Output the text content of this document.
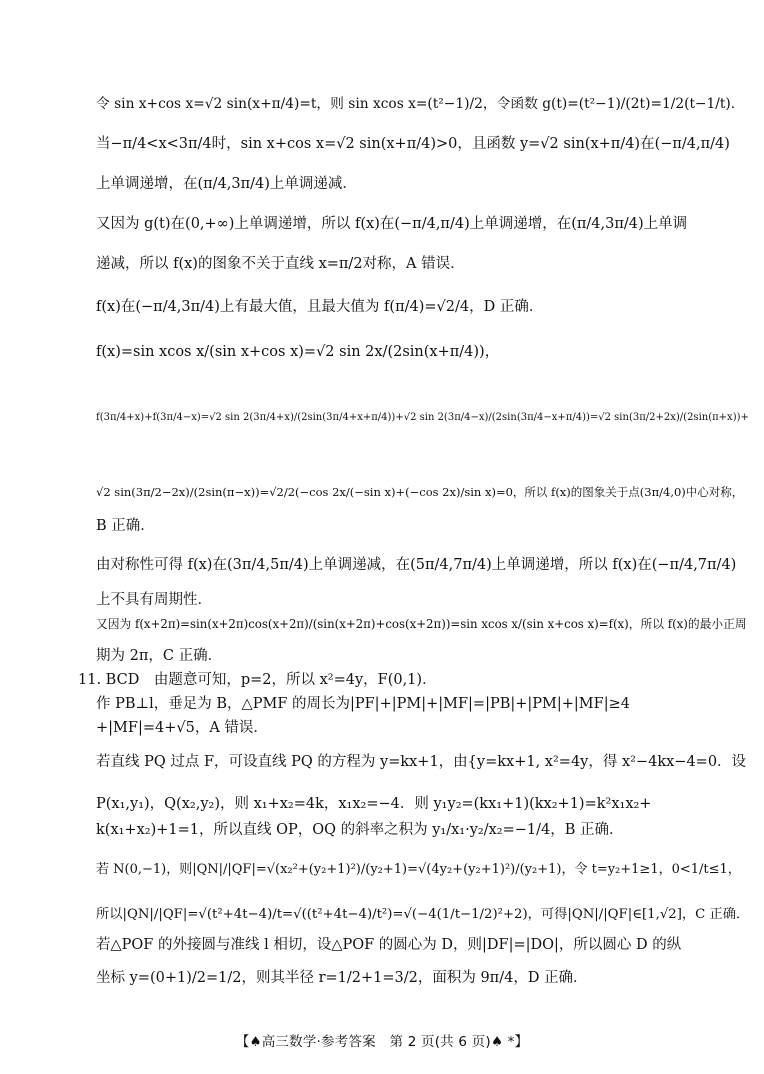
令 sin x+cos x=√2 sin(x+π/4)=t，则 sin xcos x=(t²−1)/2，令函数 g(t)=(t²−1)/(2t)=1/2(t−1/t)．
当−π/4<x<3π/4时，sin x+cos x=√2 sin(x+π/4)>0，且函数 y=√2 sin(x+π/4)在(−π/4,π/4)
上单调递增，在(π/4,3π/4)上单调递减．
又因为 g(t)在(0,+∞)上单调递增，所以 f(x)在(−π/4,π/4)上单调递增，在(π/4,3π/4)上单调
递减，所以 f(x)的图象不关于直线 x=π/2对称，A 错误．
f(x)在(−π/4,3π/4)上有最大值，且最大值为 f(π/4)=√2/4，D 正确．
f(x)=sin xcos x/(sin x+cos x)=√2 sin 2x/(2sin(x+π/4))，
f(3π/4+x)+f(3π/4−x)=√2 sin 2(3π/4+x)/(2sin(3π/4+x+π/4))+√2 sin 2(3π/4−x)/(2sin(3π/4−x+π/4))=√2 sin(3π/2+2x)/(2sin(π+x))+
√2 sin(3π/2−2x)/(2sin(π−x))=√2/2(−cos 2x/(−sin x)+(−cos 2x)/sin x)=0，所以 f(x)的图象关于点(3π/4,0)中心对称，
B 正确．
由对称性可得 f(x)在(3π/4,5π/4)上单调递减，在(5π/4,7π/4)上单调递增，所以 f(x)在(−π/4,7π/4)
上不具有周期性．
又因为 f(x+2π)=sin(x+2π)cos(x+2π)/(sin(x+2π)+cos(x+2π))=sin xcos x/(sin x+cos x)=f(x)，所以 f(x)的最小正周
期为 2π，C 正确．
11. BCD　由题意可知，p=2，所以 x²=4y，F(0,1)．
作 PB⊥l，垂足为 B，△PMF 的周长为|PF|+|PM|+|MF|=|PB|+|PM|+|MF|≥4
+|MF|=4+√5，A 错误．
若直线 PQ 过点 F，可设直线 PQ 的方程为 y=kx+1，由{y=kx+1, x²=4y，得 x²−4kx−4=0．设
P(x₁,y₁)，Q(x₂,y₂)，则 x₁+x₂=4k，x₁x₂=−4．则 y₁y₂=(kx₁+1)(kx₂+1)=k²x₁x₂+
k(x₁+x₂)+1=1，所以直线 OP，OQ 的斜率之积为 y₁/x₁·y₂/x₂=−1/4，B 正确．
若 N(0,−1)，则|QN|/|QF|=√(x₂²+(y₂+1)²)/(y₂+1)=√(4y₂+(y₂+1)²)/(y₂+1)，令 t=y₂+1≥1，0<1/t≤1，
所以|QN|/|QF|=√(t²+4t−4)/t=√((t²+4t−4)/t²)=√(−4(1/t−1/2)²+2)，可得|QN|/|QF|∈[1,√2]，C 正确．
若△POF 的外接圆与准线 l 相切，设△POF 的圆心为 D，则|DF|=|DO|，所以圆心 D 的纵
坐标 y=(0+1)/2=1/2，则其半径 r=1/2+1=3/2，面积为 9π/4，D 正确．
【♠高三数学·参考答案　第 2 页(共 6 页)♠ *】
